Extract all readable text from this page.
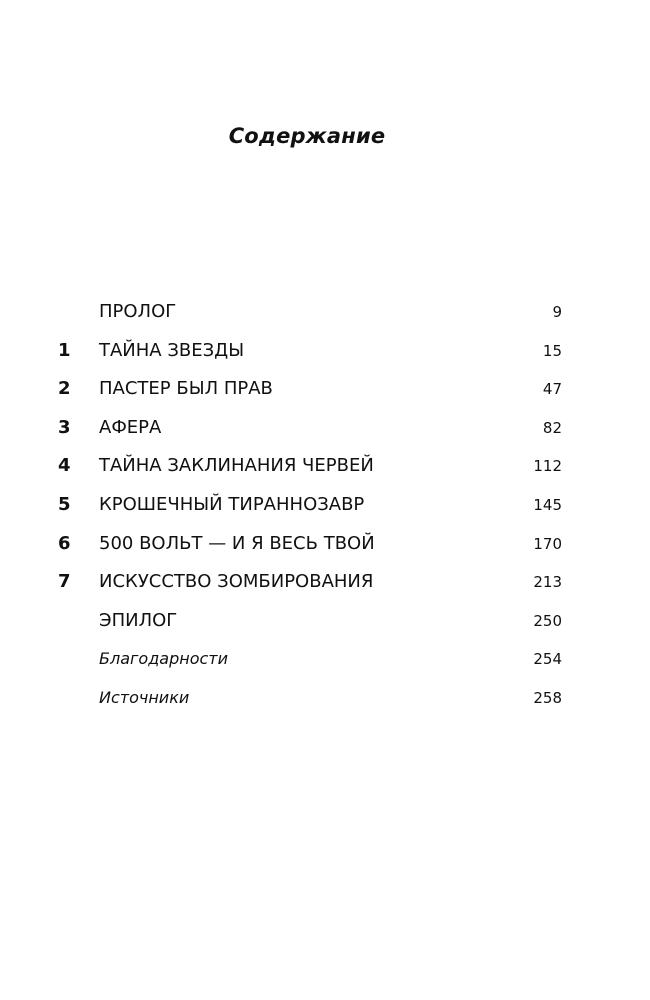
Содержание
ПРОЛОГ	9
1 ТАЙНА ЗВЕЗДЫ	15
2 ПАСТЕР БЫЛ ПРАВ	47
3 АФЕРА	82
4 ТАЙНА ЗАКЛИНАНИЯ ЧЕРВЕЙ	112
5 КРОШЕЧНЫЙ ТИРАННОЗАВР	145
6 500 ВОЛЬТ — И Я ВЕСЬ ТВОЙ	170
7 ИСКУССТВО ЗОМБИРОВАНИЯ	213
ЭПИЛОГ	250
Благодарности	254
Источники	258
